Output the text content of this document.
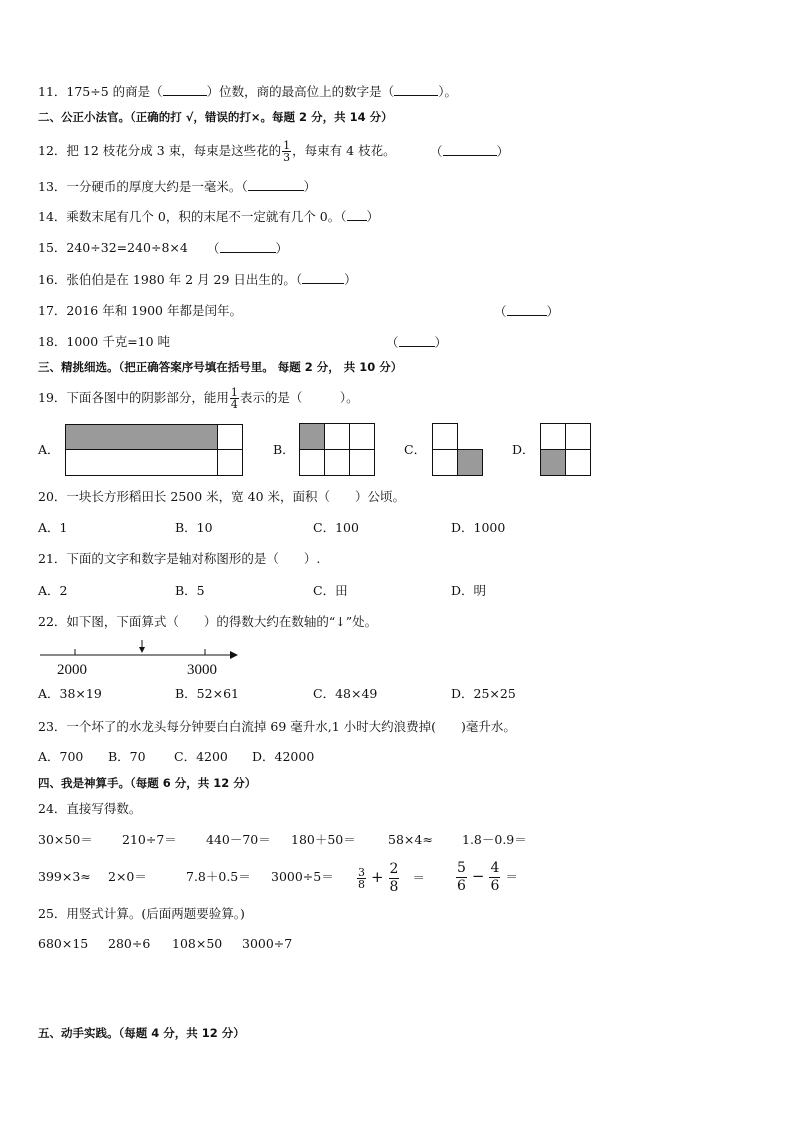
11．175÷5 的商是（	）位数，商的最高位上的数字是（	）。
二、公正小法官。（正确的打 √，错误的打×。每题 2 分，共 14 分）
12．把 12 枝花分成 3 束，每束是这些花的 $\frac{1}{3}$ ，每束有 4 枝花。	（	）
13．一分硬币的厚度大约是一毫米。（	）
14．乘数末尾有几个 0，积的末尾不一定就有几个 0。（ ）
15．240÷32=240÷8×4 （	）
16．张伯伯是在 1980 年 2 月 29 日出生的。（	）
17．2016 年和 1900 年都是闰年。	（	）
18．1000 千克=10 吨	（	）
三、精挑细选。（把正确答案序号填在括号里。 每题 2 分， 共 10 分）
19．下面各图中的阴影部分，能用 $\frac{1}{4}$ 表示的是（　　　）。
A．	B．	C．	D．
20．一块长方形稻田长 2500 米，宽 40 米，面积（　　）公顷。
A．1	B．10	C．100	D．1000
21．下面的文字和数字是轴对称图形的是（　　）.
A．2	B．5	C．田	D．明
22．如下图，下面算式（　　）的得数大约在数轴的“↓”处。
2000	3000
A．38×19	B．52×61	C．48×49	D．25×25
23．一个坏了的水龙头每分钟要白白流掉 69 毫升水,1 小时大约浪费掉(　　)毫升水。
A．700 B．70 C．4200 D．42000
四、我是神算手。（每题 6 分，共 12 分）
24．直接写得数。
30×50＝ 210÷7＝ 440－70＝ 180＋50＝	58×4≈ 1.8－0.9＝
399×3≈ 2×0＝	$7.8+0.5= 3000\div 5= \frac{3}{8} + \frac{2}{8} = \frac{5}{6} - \frac{4}{6}$ ＝
25．用竖式计算。(后面两题要验算。)
680×15 280÷6 108×50 3000÷7
五、动手实践。（每题 4 分，共 12 分）
